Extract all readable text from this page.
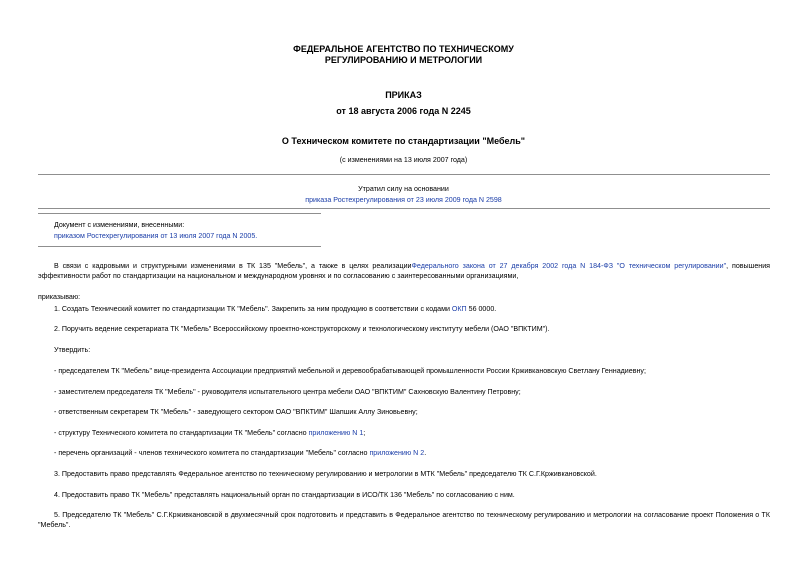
ФЕДЕРАЛЬНОЕ АГЕНТСТВО ПО ТЕХНИЧЕСКОМУ
РЕГУЛИРОВАНИЮ И МЕТРОЛОГИИ
ПРИКАЗ
от 18 августа 2006 года N 2245
О Техническом комитете по стандартизации "Мебель"
(с изменениями на 13 июля 2007 года)
Утратил силу на основании
приказа Ростехрегулирования от 23 июля 2009 года N 2598
Документ с изменениями, внесенными:
приказом Ростехрегулирования от 13 июля 2007 года N 2005.
В связи с кадровыми и структурными изменениями в ТК 135 "Мебель", а также в целях реализацииФедерального закона от 27 декабря 2002 года N 184-ФЗ "О техническом регулировании", повышения эффективности работ по стандартизации на национальном и международном уровнях и по согласованию с заинтересованными организациями,
приказываю:
1. Создать Технический комитет по стандартизации ТК "Мебель". Закрепить за ним продукцию в соответствии с кодами ОКП 56 0000.
2. Поручить ведение секретариата ТК "Мебель" Всероссийскому проектно-конструкторскому и технологическому институту мебели (ОАО "ВПКТИМ").
Утвердить:
- председателем ТК "Мебель" вице-президента Ассоциации предприятий мебельной и деревообрабатывающей промышленности России Крживкановскую Светлану Геннадиевну;
- заместителем председателя ТК "Мебель" - руководителя испытательного центра мебели ОАО "ВПКТИМ" Сахновскую Валентину Петровну;
- ответственным секретарем ТК "Мебель" - заведующего сектором ОАО "ВПКТИМ" Шапшик Аллу Зиновьевну;
- структуру Технического комитета по стандартизации ТК "Мебель" согласно приложению N 1;
- перечень организаций - членов технического комитета по стандартизации "Мебель" согласно приложению N 2.
3. Предоставить право представлять Федеральное агентство по техническому регулированию и метрологии в МТК "Мебель" председателю ТК С.Г.Крживкановской.
4. Предоставить право ТК "Мебель" представлять национальный орган по стандартизации в ИСО/ТК 136 "Мебель" по согласованию с ним.
5. Председателю ТК "Мебель" С.Г.Крживкановской в двухмесячный срок подготовить и представить в Федеральное агентство по техническому регулированию и метрологии на согласование проект Положения о ТК "Мебель".
